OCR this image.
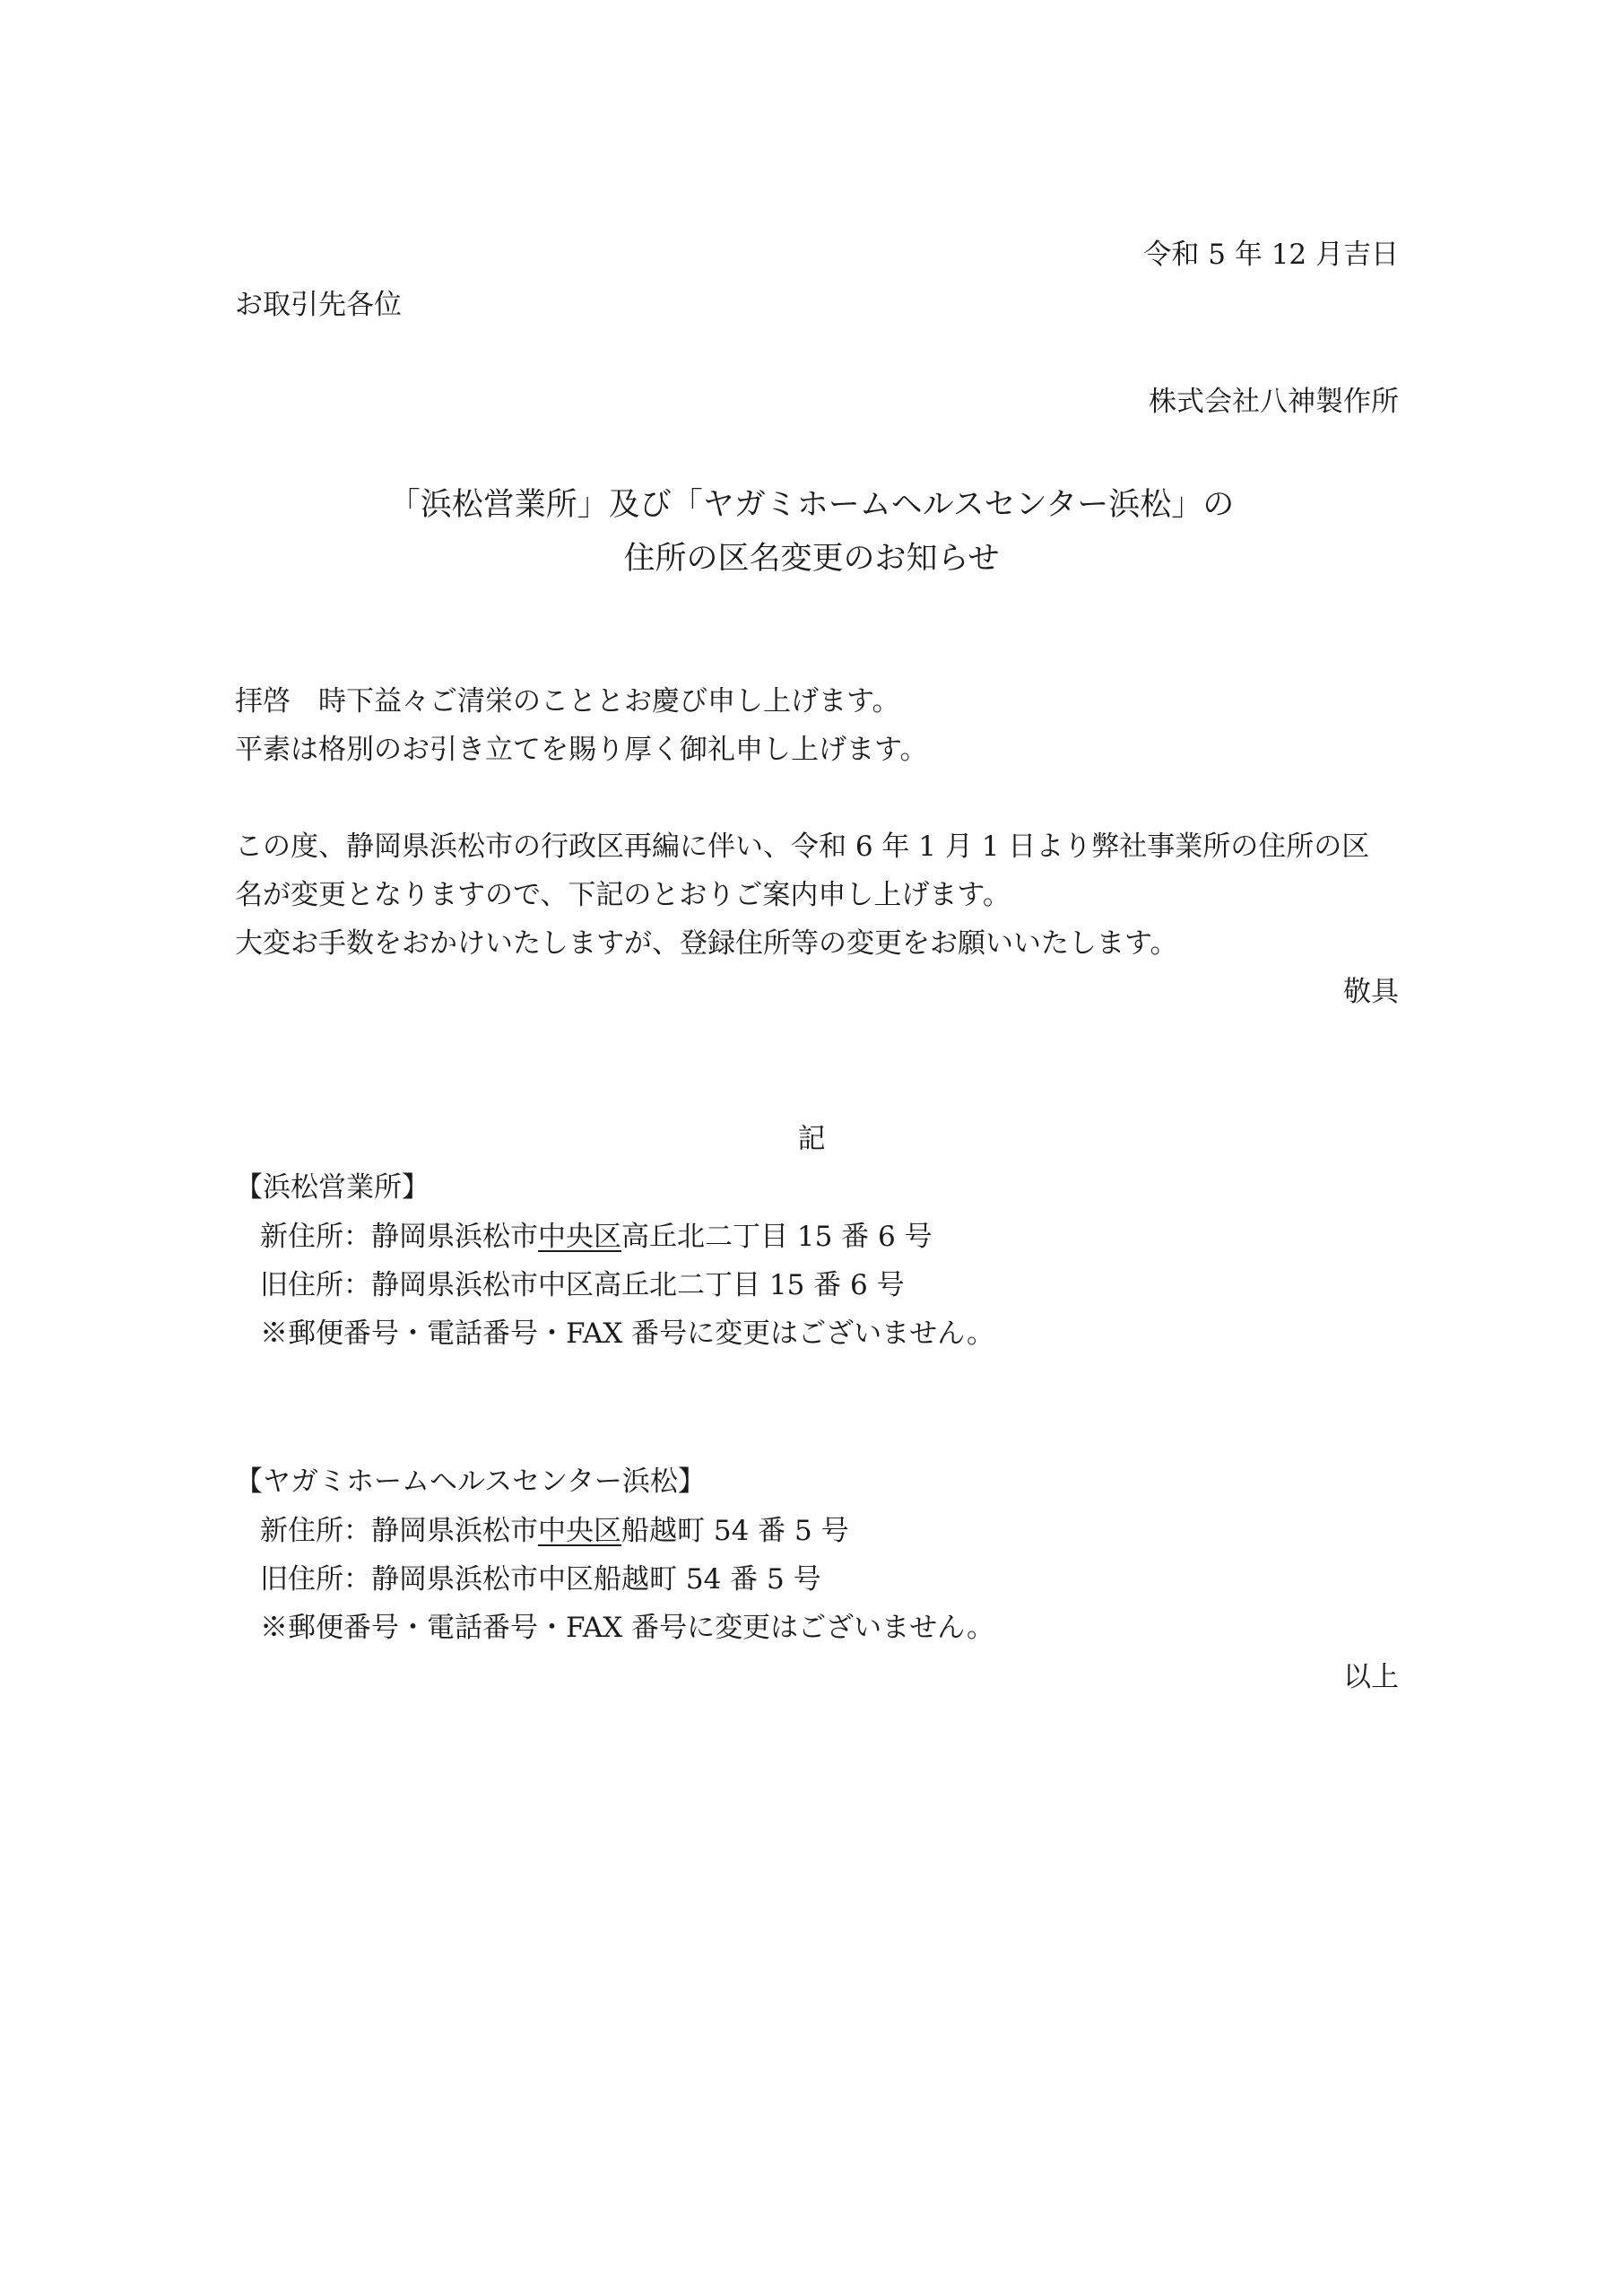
令和 5 年 12 月吉日
お取引先各位
株式会社八神製作所
「浜松営業所」及び「ヤガミホームヘルスセンター浜松」の
住所の区名変更のお知らせ
拝啓　時下益々ご清栄のこととお慶び申し上げます。
平素は格別のお引き立てを賜り厚く御礼申し上げます。
この度、静岡県浜松市の行政区再編に伴い、令和 6 年 1 月 1 日より弊社事業所の住所の区
名が変更となりますので、下記のとおりご案内申し上げます。
大変お手数をおかけいたしますが、登録住所等の変更をお願いいたします。
敬具
記
【浜松営業所】
新住所：静岡県浜松市中央区高丘北二丁目 15 番 6 号
旧住所：静岡県浜松市中区高丘北二丁目 15 番 6 号
※郵便番号・電話番号・FAX 番号に変更はございません。
【ヤガミホームヘルスセンター浜松】
新住所：静岡県浜松市中央区船越町 54 番 5 号
旧住所：静岡県浜松市中区船越町 54 番 5 号
※郵便番号・電話番号・FAX 番号に変更はございません。
以上
